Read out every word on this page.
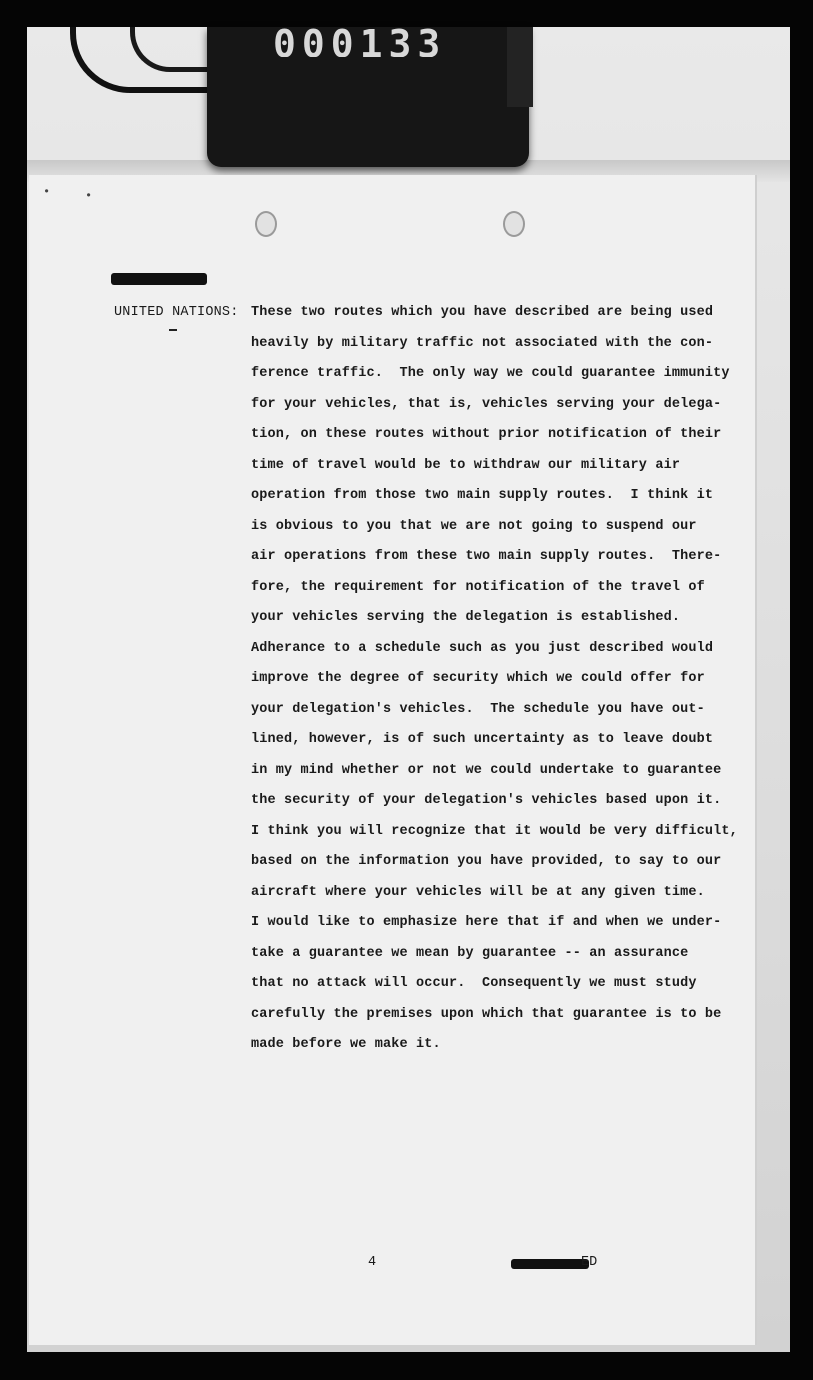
000133
•	•
UNITED NATIONS: These two routes which you have described are being used
heavily by military traffic not associated with the con-
ference traffic.  The only way we could guarantee immunity
for your vehicles, that is, vehicles serving your delega-
tion, on these routes without prior notification of their
time of travel would be to withdraw our military air
operation from those two main supply routes.  I think it
is obvious to you that we are not going to suspend our
air operations from these two main supply routes.  There-
fore, the requirement for notification of the travel of
your vehicles serving the delegation is established.
Adherance to a schedule such as you just described would
improve the degree of security which we could offer for
your delegation's vehicles.  The schedule you have out-
lined, however, is of such uncertainty as to leave doubt
in my mind whether or not we could undertake to guarantee
the security of your delegation's vehicles based upon it.
I think you will recognize that it would be very difficult,
based on the information you have provided, to say to our
aircraft where your vehicles will be at any given time.
I would like to emphasize here that if and when we under-
take a guarantee we mean by guarantee -- an assurance
that no attack will occur.  Consequently we must study
carefully the premises upon which that guarantee is to be
made before we make it.
4	ED
